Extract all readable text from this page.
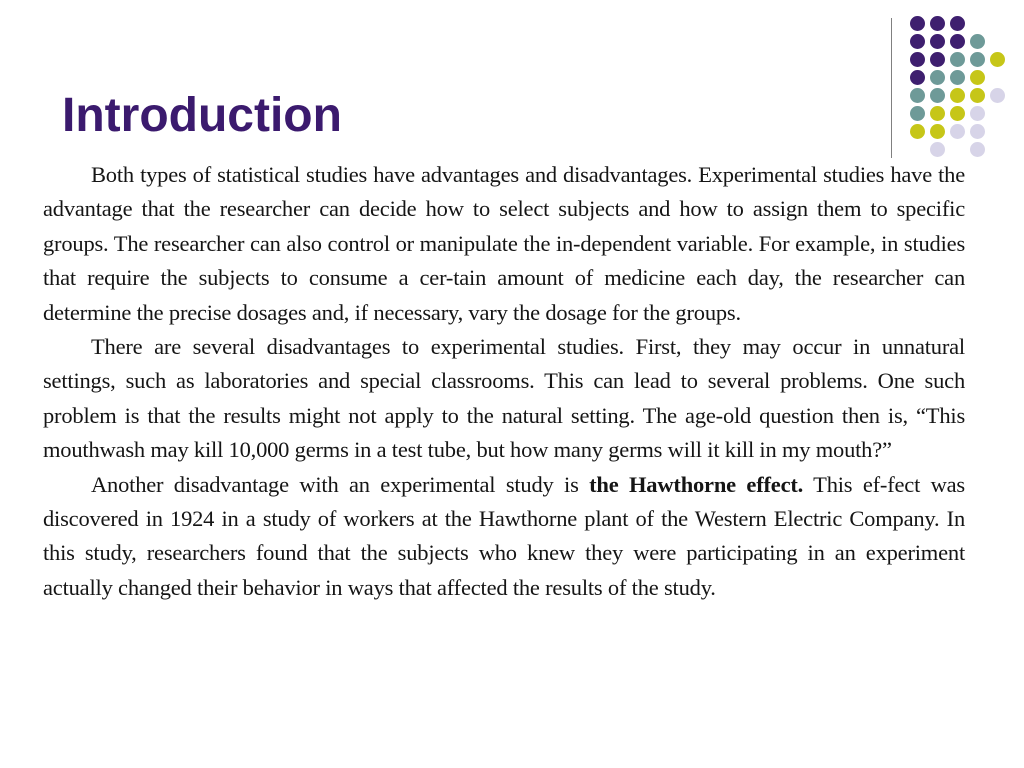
Introduction

Both types of statistical studies have advantages and disadvantages. Experimental studies have the advantage that the researcher can decide how to select subjects and how to assign them to specific groups. The researcher can also control or manipulate the in-dependent variable. For example, in studies that require the subjects to consume a cer-tain amount of medicine each day, the researcher can determine the precise dosages and, if necessary, vary the dosage for the groups.

There are several disadvantages to experimental studies. First, they may occur in unnatural settings, such as laboratories and special classrooms. This can lead to several problems. One such problem is that the results might not apply to the natural setting. The age-old question then is, “This mouthwash may kill 10,000 germs in a test tube, but how many germs will it kill in my mouth?”

Another disadvantage with an experimental study is the Hawthorne effect. This ef-fect was discovered in 1924 in a study of workers at the Hawthorne plant of the Western Electric Company. In this study, researchers found that the subjects who knew they were participating in an experiment actually changed their behavior in ways that affected the results of the study.
